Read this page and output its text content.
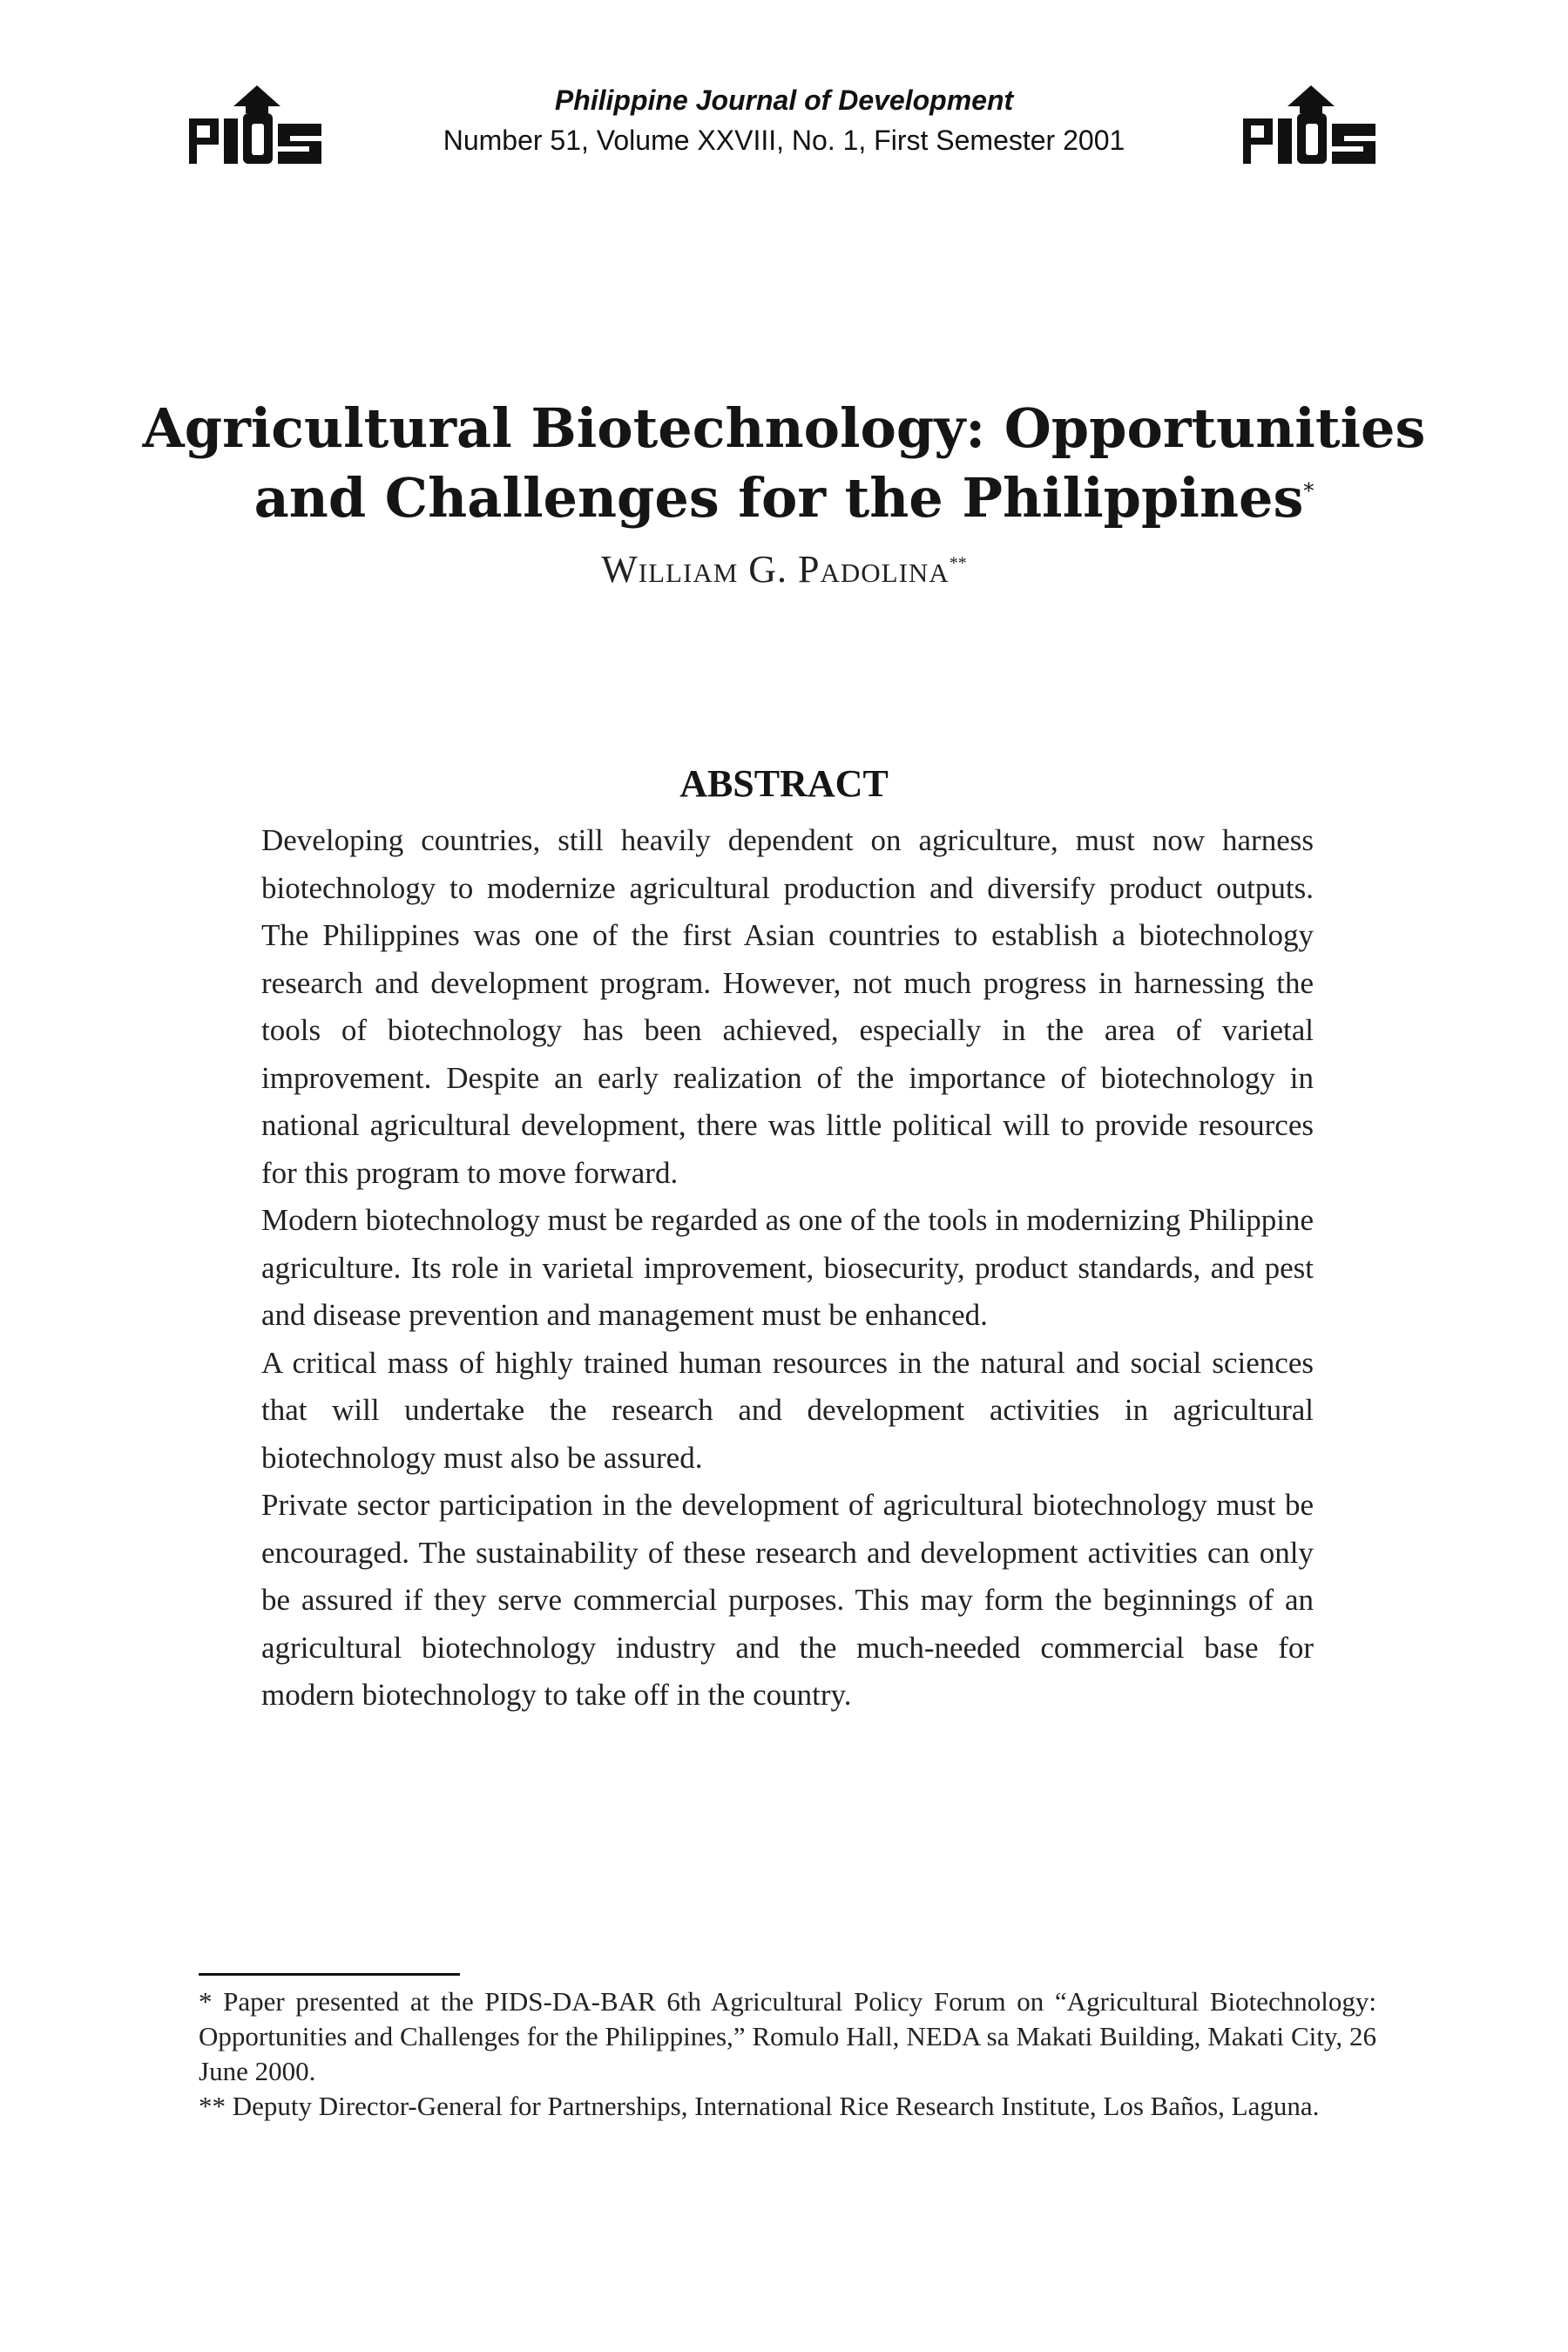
Philippine Journal of Development
Number 51, Volume XXVIII, No. 1, First Semester 2001
Agricultural Biotechnology: Opportunities
and Challenges for the Philippines*
William G. Padolina**
ABSTRACT

Developing countries, still heavily dependent on agriculture, must now harness biotechnology to modernize agricultural production and diversify product outputs. The Philippines was one of the first Asian countries to establish a biotechnology research and development program. However, not much progress in harnessing the tools of biotechnology has been achieved, especially in the area of varietal improvement. Despite an early realization of the importance of biotechnology in national agricultural development, there was little political will to provide resources for this program to move forward.

Modern biotechnology must be regarded as one of the tools in modernizing Philippine agriculture. Its role in varietal improvement, biosecurity, product standards, and pest and disease prevention and management must be enhanced.

A critical mass of highly trained human resources in the natural and social sciences that will undertake the research and development activities in agricultural biotechnology must also be assured.

Private sector participation in the development of agricultural biotechnology must be encouraged. The sustainability of these research and development activities can only be assured if they serve commercial purposes. This may form the beginnings of an agricultural biotechnology industry and the much-needed commercial base for modern biotechnology to take off in the country.

* Paper presented at the PIDS-DA-BAR 6th Agricultural Policy Forum on “Agricultural Biotechnology: Opportunities and Challenges for the Philippines,” Romulo Hall, NEDA sa Makati Building, Makati City, 26 June 2000.

** Deputy Director-General for Partnerships, International Rice Research Institute, Los Baños, Laguna.
